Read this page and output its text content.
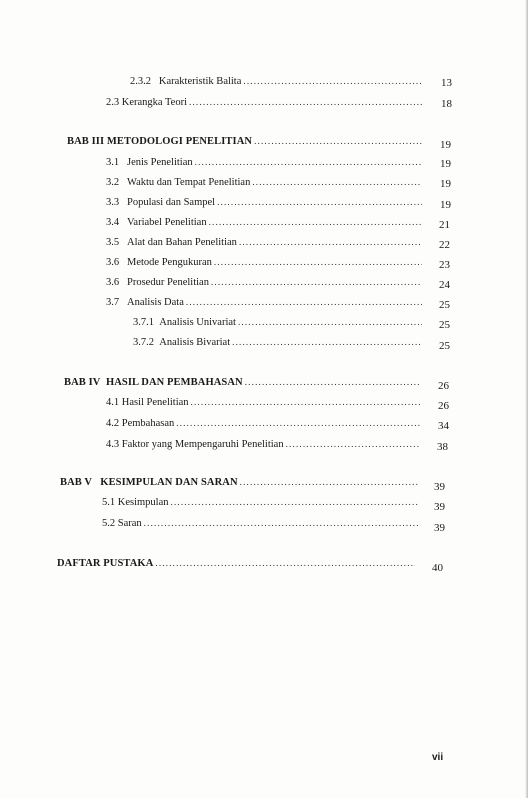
2.3.2 Karakteristik Balita .....	13
2.3 Kerangka Teori .....	18
BAB III METODOLOGI PENELITIAN .....	19
3.1 Jenis Penelitian .....	19
3.2 Waktu dan Tempat Penelitian .....	19
3.3 Populasi dan Sampel .....	19
3.4 Variabel Penelitian .....	21
3.5 Alat dan Bahan Penelitian .....	22
3.6 Metode Pengukuran .....	23
3.6 Prosedur Penelitian .....	24
3.7 Analisis Data .....	25
3.7.1 Analisis Univariat .....	25
3.7.2 Analisis Bivariat .....	25
BAB IV HASIL DAN PEMBAHASAN .....	26
4.1 Hasil Penelitian .....	26
4.2 Pembahasan .....	34
4.3 Faktor yang Mempengaruhi Penelitian .....	38
BAB V KESIMPULAN DAN SARAN .....	39
5.1 Kesimpulan .....	39
5.2 Saran .....	39
DAFTAR PUSTAKA .....	40
vii
